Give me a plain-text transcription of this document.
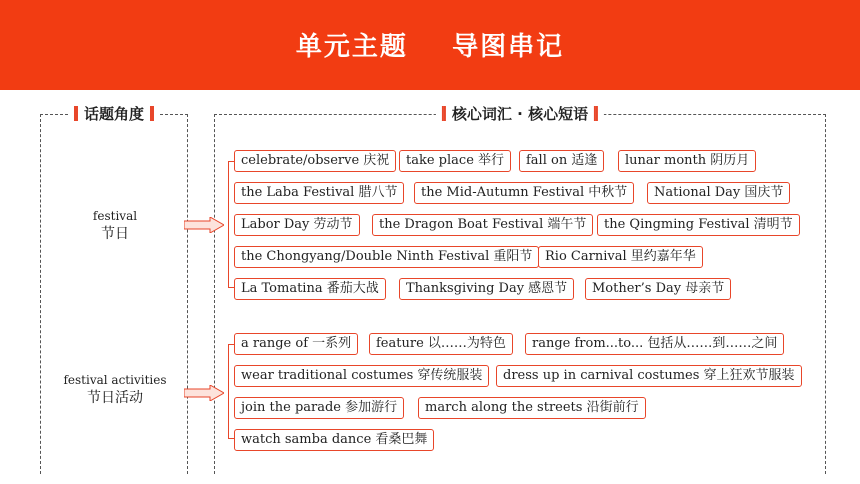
单元主题    导图串记
话题角度
festival
节日
festival activities
节日活动
核心词汇 · 核心短语
celebrate/observe 庆祝	take place 举行	fall on 适逢	lunar month 阴历月
the Laba Festival 腊八节	the Mid-Autumn Festival 中秋节	National Day 国庆节
Labor Day 劳动节	the Dragon Boat Festival 端午节	the Qingming Festival 清明节
the Chongyang/Double Ninth Festival 重阳节 Rio Carnival 里约嘉年华
La Tomatina 番茄大战	Thanksgiving Day 感恩节	Mother’s Day 母亲节
a range of 一系列	feature 以……为特色	range from...to... 包括从……到……之间
wear traditional costumes 穿传统服装	dress up in carnival costumes 穿上狂欢节服装
join the parade 参加游行	march along the streets 沿街前行
watch samba dance 看桑巴舞
